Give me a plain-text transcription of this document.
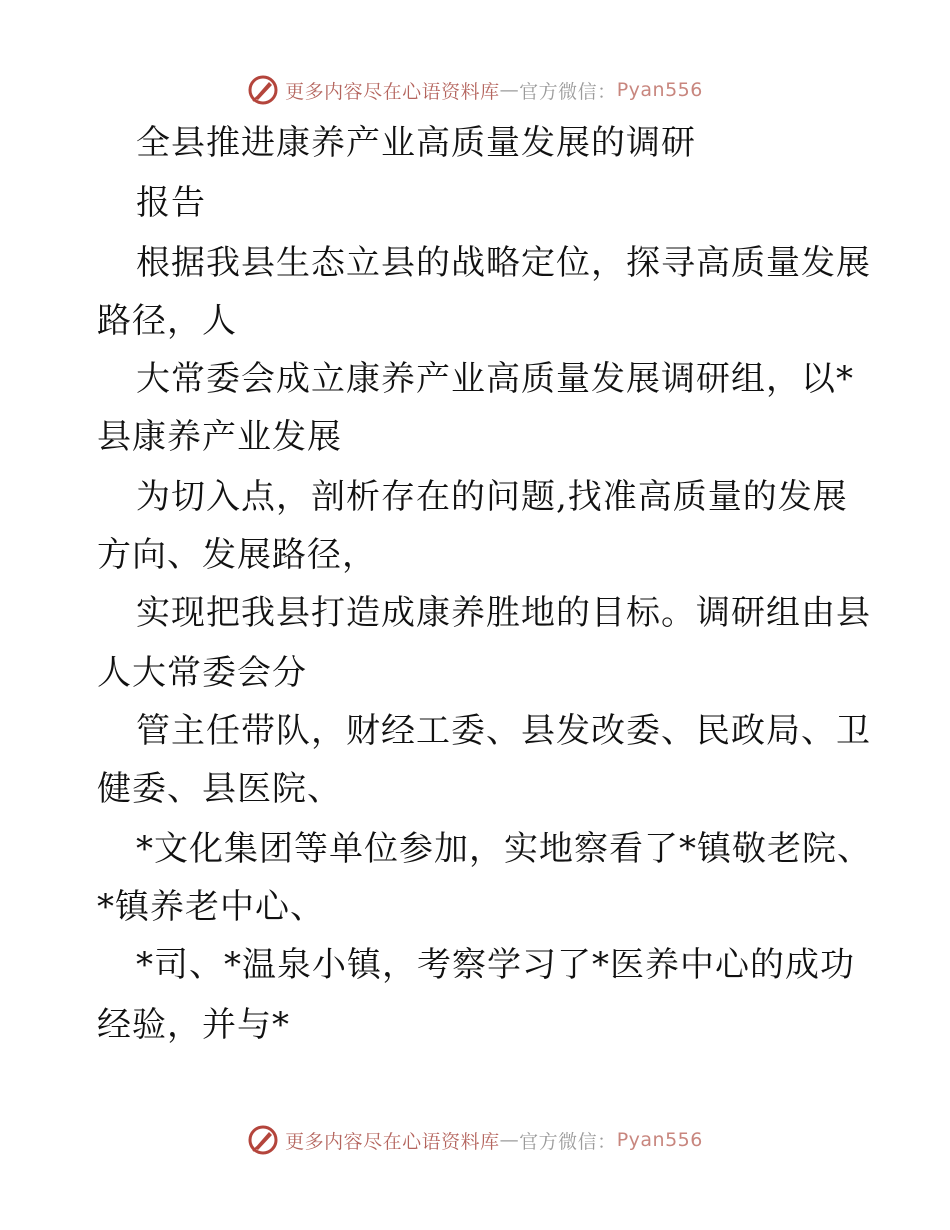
更多内容尽在心语资料库 — 官方微信： Pyan556
全县推进康养产业高质量发展的调研
报告
根据我县生态立县的战略定位，探寻高质量发展
路径，人
大常委会成立康养产业高质量发展调研组，以*
县康养产业发展
为切入点，剖析存在的问题,找准高质量的发展
方向、发展路径，
实现把我县打造成康养胜地的目标。调研组由县
人大常委会分
管主任带队，财经工委、县发改委、民政局、卫
健委、县医院、
*文化集团等单位参加，实地察看了*镇敬老院、
*镇养老中心、
*司、*温泉小镇，考察学习了*医养中心的成功
经验，并与*
更多内容尽在心语资料库 — 官方微信： Pyan556
